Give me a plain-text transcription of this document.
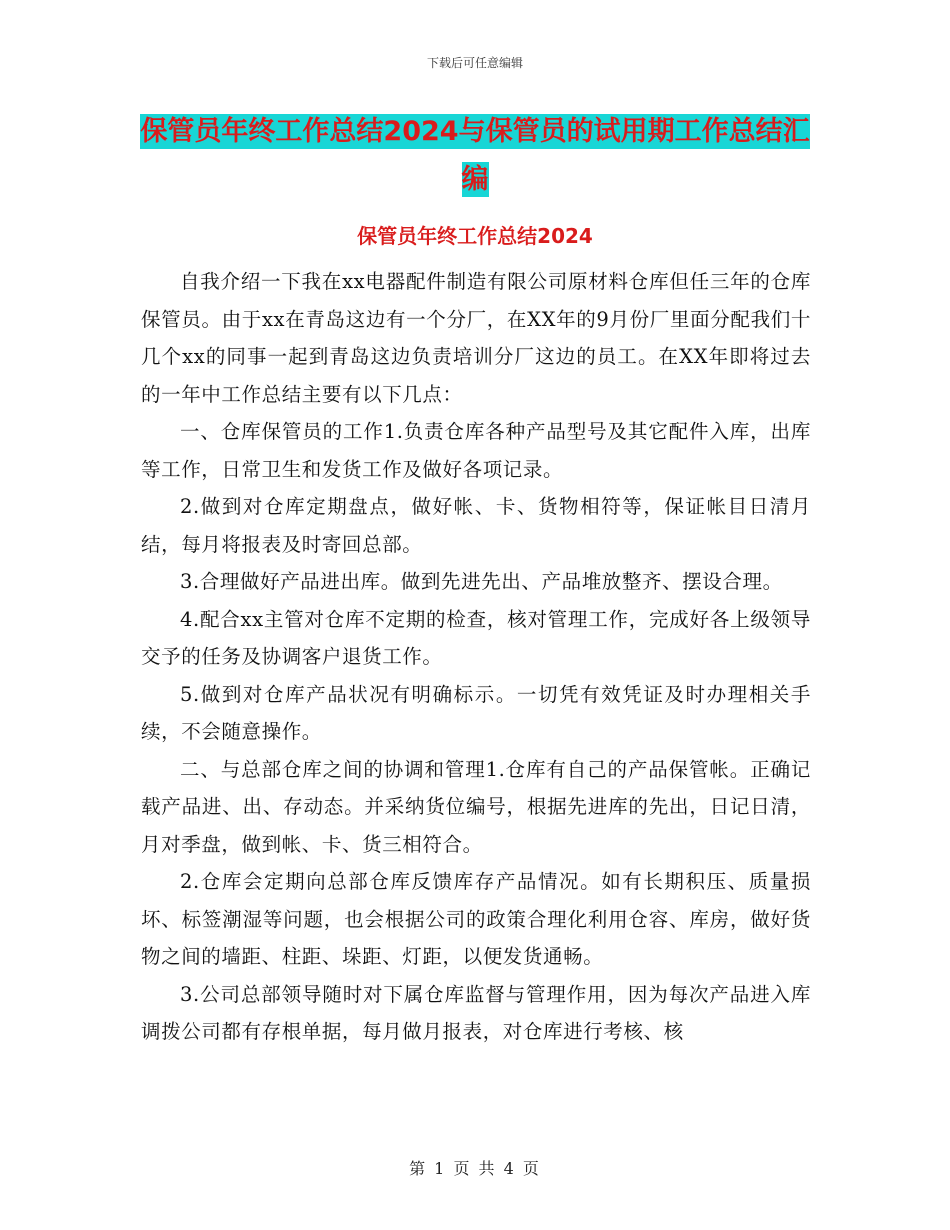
下载后可任意编辑
保管员年终工作总结2024与保管员的试用期工作总结汇编
保管员年终工作总结2024

自我介绍一下我在xx电器配件制造有限公司原材料仓库但任三年的仓库保管员。由于xx在青岛这边有一个分厂，在XX年的9月份厂里面分配我们十几个xx的同事一起到青岛这边负责培训分厂这边的员工。在XX年即将过去的一年中工作总结主要有以下几点：

一、仓库保管员的工作1.负责仓库各种产品型号及其它配件入库，出库等工作，日常卫生和发货工作及做好各项记录。

2.做到对仓库定期盘点，做好帐、卡、货物相符等，保证帐目日清月结，每月将报表及时寄回总部。

3.合理做好产品进出库。做到先进先出、产品堆放整齐、摆设合理。

4.配合xx主管对仓库不定期的检查，核对管理工作，完成好各上级领导交予的任务及协调客户退货工作。

5.做到对仓库产品状况有明确标示。一切凭有效凭证及时办理相关手续，不会随意操作。

二、与总部仓库之间的协调和管理1.仓库有自己的产品保管帐。正确记载产品进、出、存动态。并采纳货位编号，根据先进库的先出，日记日清，月对季盘，做到帐、卡、货三相符合。

2.仓库会定期向总部仓库反馈库存产品情况。如有长期积压、质量损坏、标签潮湿等问题，也会根据公司的政策合理化利用仓容、库房，做好货物之间的墙距、柱距、垛距、灯距，以便发货通畅。

3.公司总部领导随时对下属仓库监督与管理作用，因为每次产品进入库调拨公司都有存根单据，每月做月报表，对仓库进行考核、核

第 1 页 共 4 页
